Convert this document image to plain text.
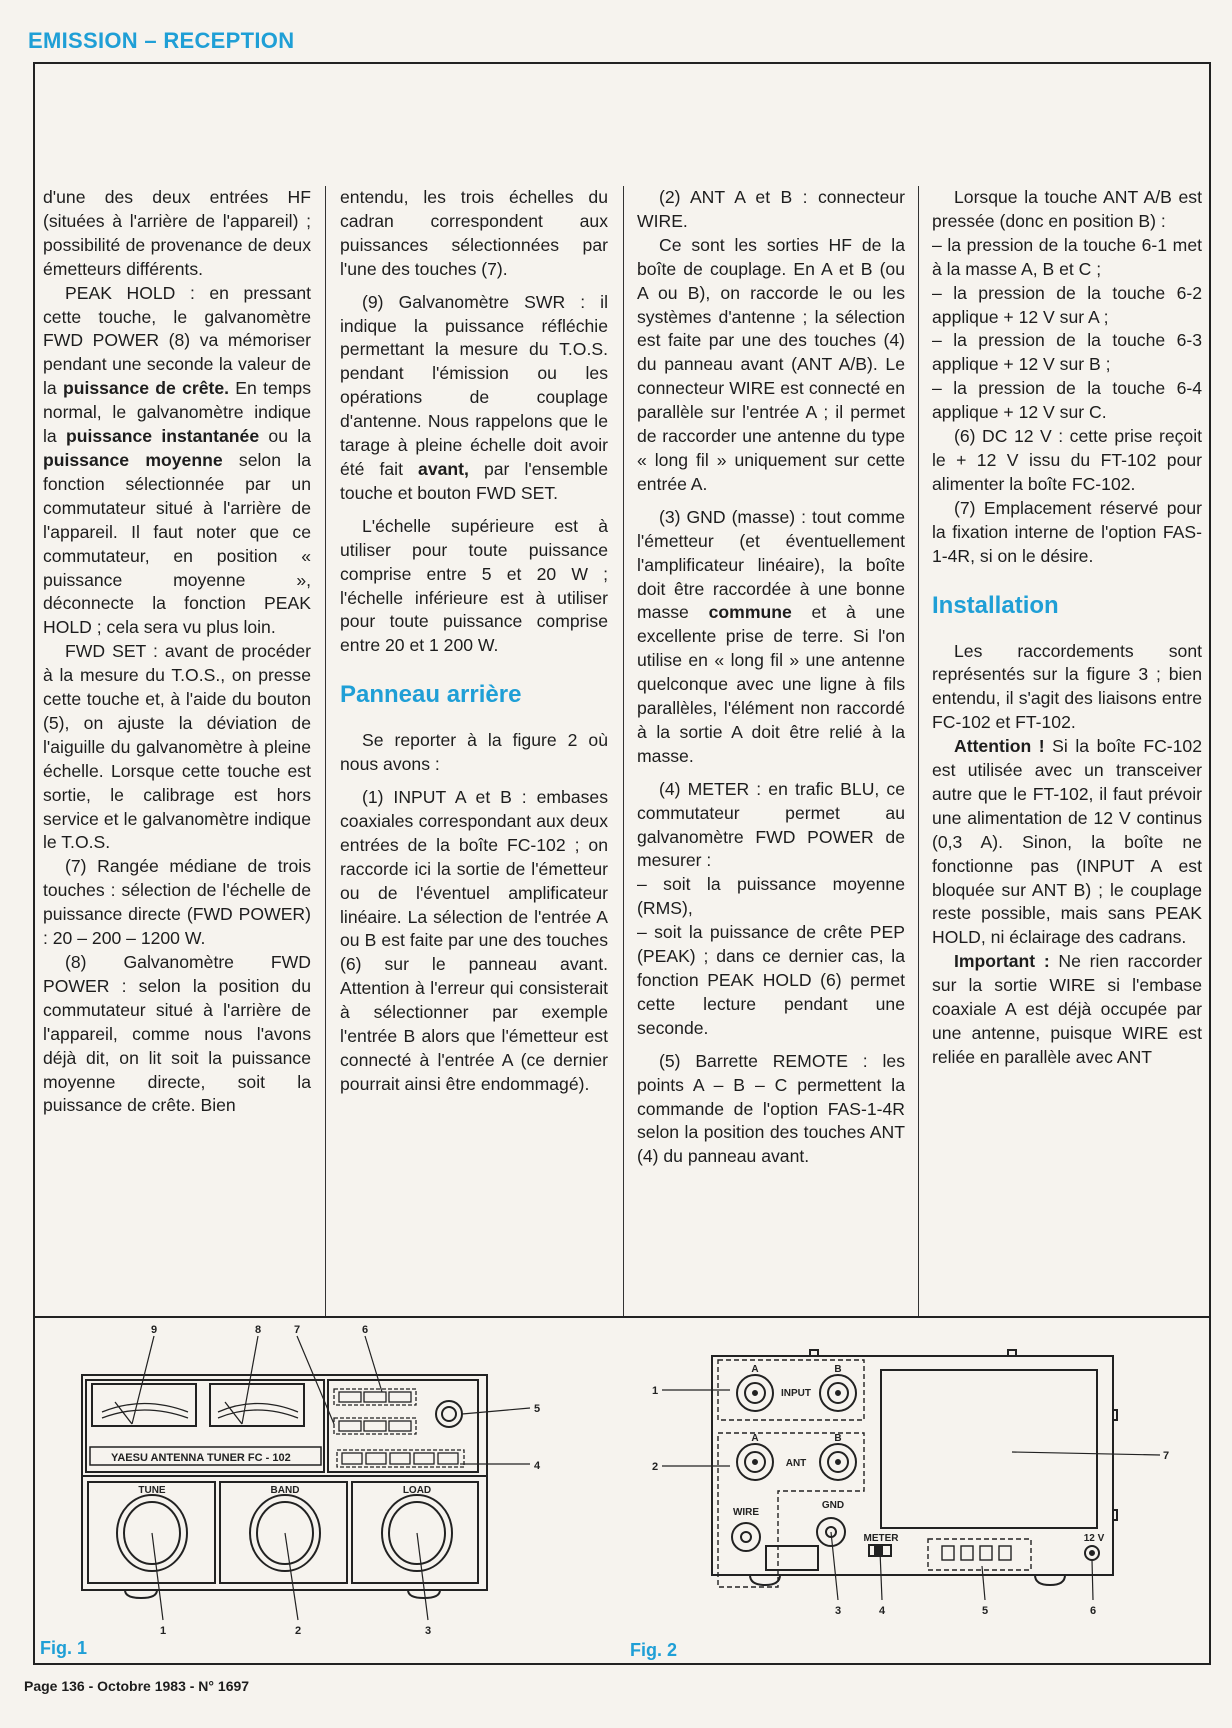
EMISSION – RECEPTION

d'une des deux entrées HF (situées à l'arrière de l'appareil) ; possibilité de provenance de deux émetteurs différents.

PEAK HOLD : en pressant cette touche, le galvanomètre FWD POWER (8) va mémoriser pendant une seconde la valeur de la puissance de crête. En temps normal, le galvanomètre indique la puissance instantanée ou la puissance moyenne selon la fonction sélectionnée par un commutateur situé à l'arrière de l'appareil. Il faut noter que ce commutateur, en position « puissance moyenne », déconnecte la fonction PEAK HOLD ; cela sera vu plus loin.

FWD SET : avant de procéder à la mesure du T.O.S., on presse cette touche et, à l'aide du bouton (5), on ajuste la déviation de l'aiguille du galvanomètre à pleine échelle. Lorsque cette touche est sortie, le calibrage est hors service et le galvanomètre indique le T.O.S.

(7) Rangée médiane de trois touches : sélection de l'échelle de puissance directe (FWD POWER) : 20 – 200 – 1200 W.

(8) Galvanomètre FWD POWER : selon la position du commutateur situé à l'arrière de l'appareil, comme nous l'avons déjà dit, on lit soit la puissance moyenne directe, soit la puissance de crête. Bien

entendu, les trois échelles du cadran correspondent aux puissances sélectionnées par l'une des touches (7).

(9) Galvanomètre SWR : il indique la puissance réfléchie permettant la mesure du T.O.S. pendant l'émission ou les opérations de couplage d'antenne. Nous rappelons que le tarage à pleine échelle doit avoir été fait avant, par l'ensemble touche et bouton FWD SET.

L'échelle supérieure est à utiliser pour toute puissance comprise entre 5 et 20 W ; l'échelle inférieure est à utiliser pour toute puissance comprise entre 20 et 1 200 W.

Panneau arrière

Se reporter à la figure 2 où nous avons :

(1) INPUT A et B : embases coaxiales correspondant aux deux entrées de la boîte FC-102 ; on raccorde ici la sortie de l'émetteur ou de l'éventuel amplificateur linéaire. La sélection de l'entrée A ou B est faite par une des touches (6) sur le panneau avant. Attention à l'erreur qui consisterait à sélectionner par exemple l'entrée B alors que l'émetteur est connecté à l'entrée A (ce dernier pourrait ainsi être endommagé).

(2) ANT A et B : connecteur WIRE.

Ce sont les sorties HF de la boîte de couplage. En A et B (ou A ou B), on raccorde le ou les systèmes d'antenne ; la sélection est faite par une des touches (4) du panneau avant (ANT A/B). Le connecteur WIRE est connecté en parallèle sur l'entrée A ; il permet de raccorder une antenne du type « long fil » uniquement sur cette entrée A.

(3) GND (masse) : tout comme l'émetteur (et éventuellement l'amplificateur linéaire), la boîte doit être raccordée à une bonne masse commune et à une excellente prise de terre. Si l'on utilise en « long fil » une antenne quelconque avec une ligne à fils parallèles, l'élément non raccordé à la sortie A doit être relié à la masse.

(4) METER : en trafic BLU, ce commutateur permet au galvanomètre FWD POWER de mesurer :

– soit la puissance moyenne (RMS),

– soit la puissance de crête PEP (PEAK) ; dans ce dernier cas, la fonction PEAK HOLD (6) permet cette lecture pendant une seconde.

(5) Barrette REMOTE : les points A – B – C permettent la commande de l'option FAS-1-4R selon la position des touches ANT (4) du panneau avant.

Lorsque la touche ANT A/B est pressée (donc en position B) :

– la pression de la touche 6-1 met à la masse A, B et C ;

– la pression de la touche 6-2 applique + 12 V sur A ;

– la pression de la touche 6-3 applique + 12 V sur B ;

– la pression de la touche 6-4 applique + 12 V sur C.

(6) DC 12 V : cette prise reçoit le + 12 V issu du FT-102 pour alimenter la boîte FC-102.

(7) Emplacement réservé pour la fixation interne de l'option FAS-1-4R, si on le désire.

Installation

Les raccordements sont représentés sur la figure 3 ; bien entendu, il s'agit des liaisons entre FC-102 et FT-102.

Attention ! Si la boîte FC-102 est utilisée avec un transceiver autre que le FT-102, il faut prévoir une alimentation de 12 V continus (0,3 A). Sinon, la boîte ne fonctionne pas (INPUT A est bloquée sur ANT B) ; le couplage reste possible, mais sans PEAK HOLD, ni éclairage des cadrans.

Important : Ne rien raccorder sur la sortie WIRE si l'embase coaxiale A est déjà occupée par une antenne, puisque WIRE est reliée en parallèle avec ANT

YAESU ANTENNA TUNER FC - 102
TUNE	BAND	LOAD
1	2	3
4
5
6
7
8
9
INPUT
ANT
A	B
A	B
WIRE
GND
METER	12 V
1
2
3	4	5	6
7
Fig. 1	Fig. 2
Page 136 - Octobre 1983 - N° 1697
